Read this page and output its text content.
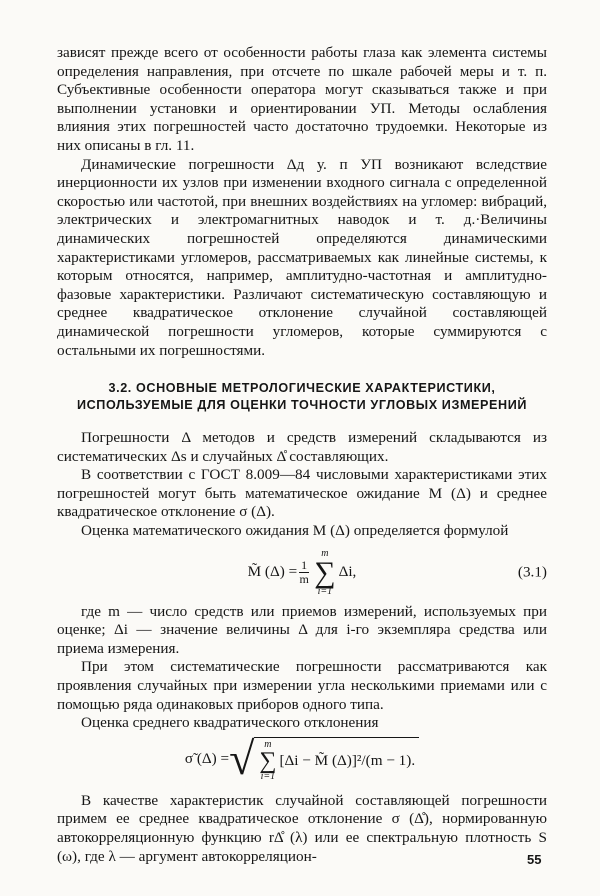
зависят прежде всего от особенности работы глаза как элемента системы определения направления, при отсчете по шкале рабочей меры и т. п. Субъективные особенности оператора могут сказываться также и при выполнении установки и ориентировании УП. Методы ослабления влияния этих погрешностей часто достаточно трудоемки. Некоторые из них описаны в гл. 11.

Динамические погрешности Δд у. п УП возникают вследствие инерционности их узлов при изменении входного сигнала с определенной скоростью или частотой, при внешних воздействиях на угломер: вибраций, электрических и электромагнитных наводок и т. д.·Величины динамических погрешностей определяются динамическими характеристиками угломеров, рассматриваемых как линейные системы, к которым относятся, например, амплитудно-частотная и амплитудно-фазовые характеристики. Различают систематическую составляющую и среднее квадратическое отклонение случайной составляющей динамической погрешности угломеров, которые суммируются с остальными их погрешностями.

3.2. ОСНОВНЫЕ МЕТРОЛОГИЧЕСКИЕ ХАРАКТЕРИСТИКИ,
ИСПОЛЬЗУЕМЫЕ ДЛЯ ОЦЕНКИ ТОЧНОСТИ УГЛОВЫХ ИЗМЕРЕНИЙ

Погрешности Δ методов и средств измерений складываются из систематических Δs и случайных Δ̊ составляющих.

В соответствии с ГОСТ 8.009—84 числовыми характеристиками этих погрешностей могут быть математическое ожидание M (Δ) и среднее квадратическое отклонение σ (Δ).

Оценка математического ожидания M (Δ) определяется формулой

M̃ $(\Delta) = \frac{1}{m}$
m
∑
i=1
Δi,	(3.1)

где m — число средств или приемов измерений, используемых при оценке; Δi — значение величины Δ для i-го экземпляра средства или приема измерения.

При этом систематические погрешности рассматриваются как проявления случайных при измерении угла несколькими приемами или с помощью ряда одинаковых приборов одного типа.

Оценка среднего квадратического отклонения

σ̃ (Δ) = √ m
∑
i=1
[Δi − M̃ (Δ)]²/(m − 1).

В качестве характеристик случайной составляющей погрешности примем ее среднее квадратическое отклонение σ (Δ̊), нормированную автокорреляционную функцию rΔ̊ (λ) или ее спектральную плотность S (ω), где λ — аргумент автокорреляцион-	55
